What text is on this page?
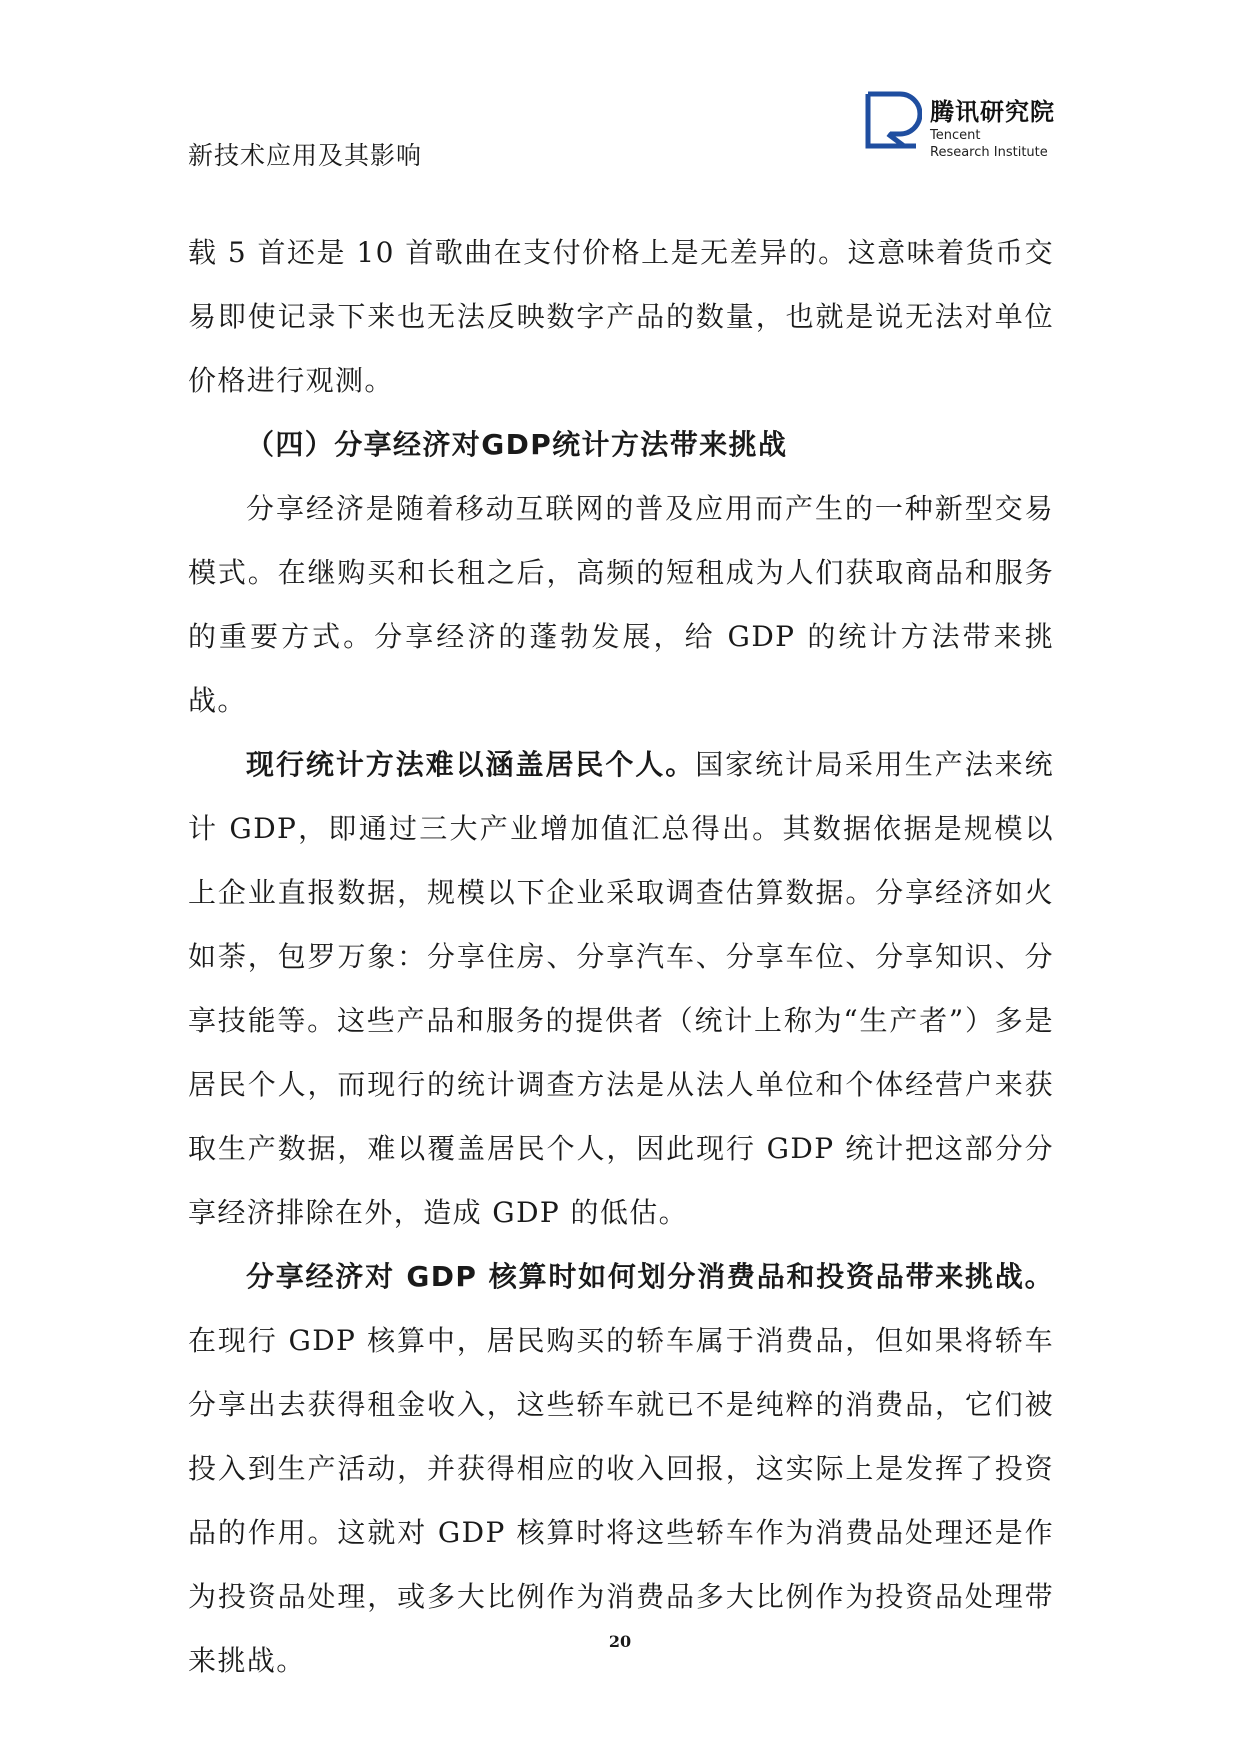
新技术应用及其影响
腾讯研究院
Tencent
Research Institute

载 5 首还是 10 首歌曲在支付价格上是无差异的。这意味着货币交易即使记录下来也无法反映数字产品的数量，也就是说无法对单位价格进行观测。

（四）分享经济对GDP统计方法带来挑战

分享经济是随着移动互联网的普及应用而产生的一种新型交易模式。在继购买和长租之后，高频的短租成为人们获取商品和服务的重要方式。分享经济的蓬勃发展，给 GDP 的统计方法带来挑战。

现行统计方法难以涵盖居民个人。国家统计局采用生产法来统计 GDP，即通过三大产业增加值汇总得出。其数据依据是规模以上企业直报数据，规模以下企业采取调查估算数据。分享经济如火如荼，包罗万象：分享住房、分享汽车、分享车位、分享知识、分享技能等。这些产品和服务的提供者（统计上称为“生产者”）多是居民个人，而现行的统计调查方法是从法人单位和个体经营户来获取生产数据，难以覆盖居民个人，因此现行 GDP 统计把这部分分享经济排除在外，造成 GDP 的低估。

分享经济对 GDP 核算时如何划分消费品和投资品带来挑战。在现行 GDP 核算中，居民购买的轿车属于消费品，但如果将轿车分享出去获得租金收入，这些轿车就已不是纯粹的消费品，它们被投入到生产活动，并获得相应的收入回报，这实际上是发挥了投资品的作用。这就对 GDP 核算时将这些轿车作为消费品处理还是作为投资品处理，或多大比例作为消费品多大比例作为投资品处理带来挑战。

20
